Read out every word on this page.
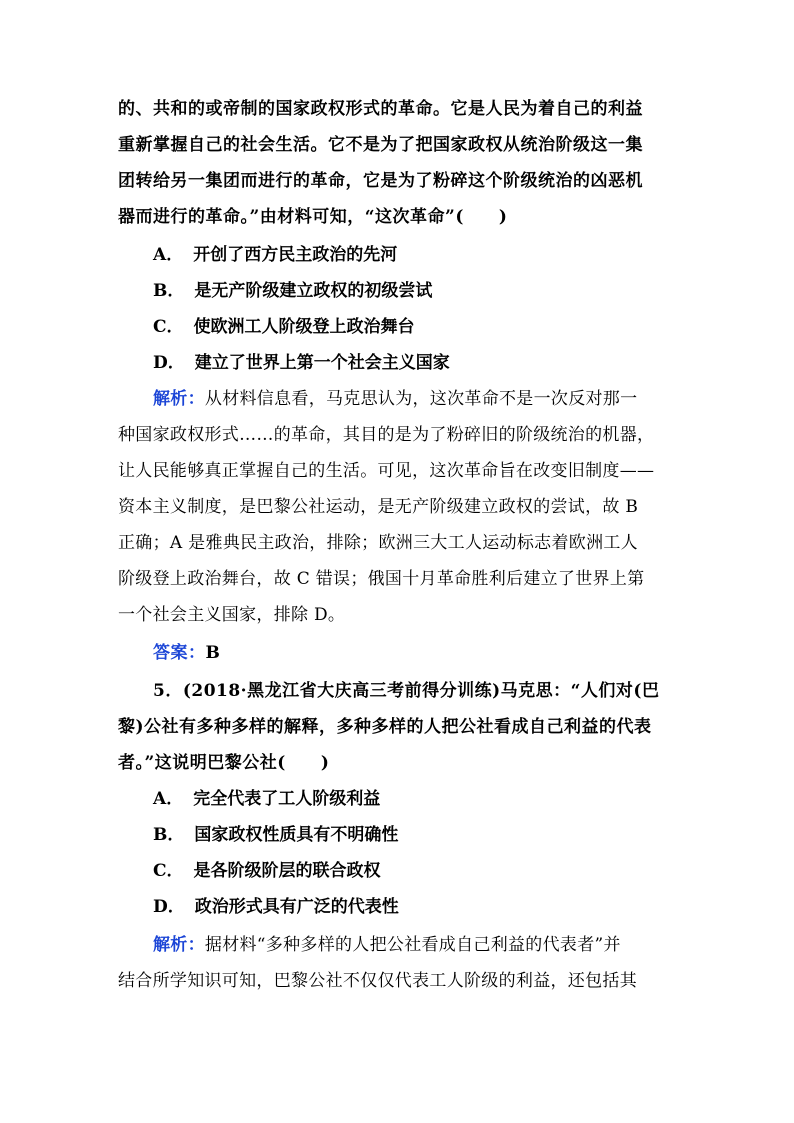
的、共和的或帝制的国家政权形式的革命。它是人民为着自己的利益
重新掌握自己的社会生活。它不是为了把国家政权从统治阶级这一集
团转给另一集团而进行的革命，它是为了粉碎这个阶级统治的凶恶机
器而进行的革命。”由材料可知，“这次革命”(　　)
A． 开创了西方民主政治的先河
B． 是无产阶级建立政权的初级尝试
C． 使欧洲工人阶级登上政治舞台
D． 建立了世界上第一个社会主义国家
解析：从材料信息看，马克思认为，这次革命不是一次反对那一
种国家政权形式……的革命，其目的是为了粉碎旧的阶级统治的机器，
让人民能够真正掌握自己的生活。可见，这次革命旨在改变旧制度——
资本主义制度，是巴黎公社运动，是无产阶级建立政权的尝试，故 B
正确；A 是雅典民主政治，排除；欧洲三大工人运动标志着欧洲工人
阶级登上政治舞台，故 C 错误；俄国十月革命胜利后建立了世界上第
一个社会主义国家，排除 D。
答案：B
5．(2018·黑龙江省大庆高三考前得分训练)马克思：“人们对(巴
黎)公社有多种多样的解释，多种多样的人把公社看成自己利益的代表
者。”这说明巴黎公社(　　)
A． 完全代表了工人阶级利益
B． 国家政权性质具有不明确性
C． 是各阶级阶层的联合政权
D． 政治形式具有广泛的代表性
解析：据材料“多种多样的人把公社看成自己利益的代表者”并
结合所学知识可知，巴黎公社不仅仅代表工人阶级的利益，还包括其
